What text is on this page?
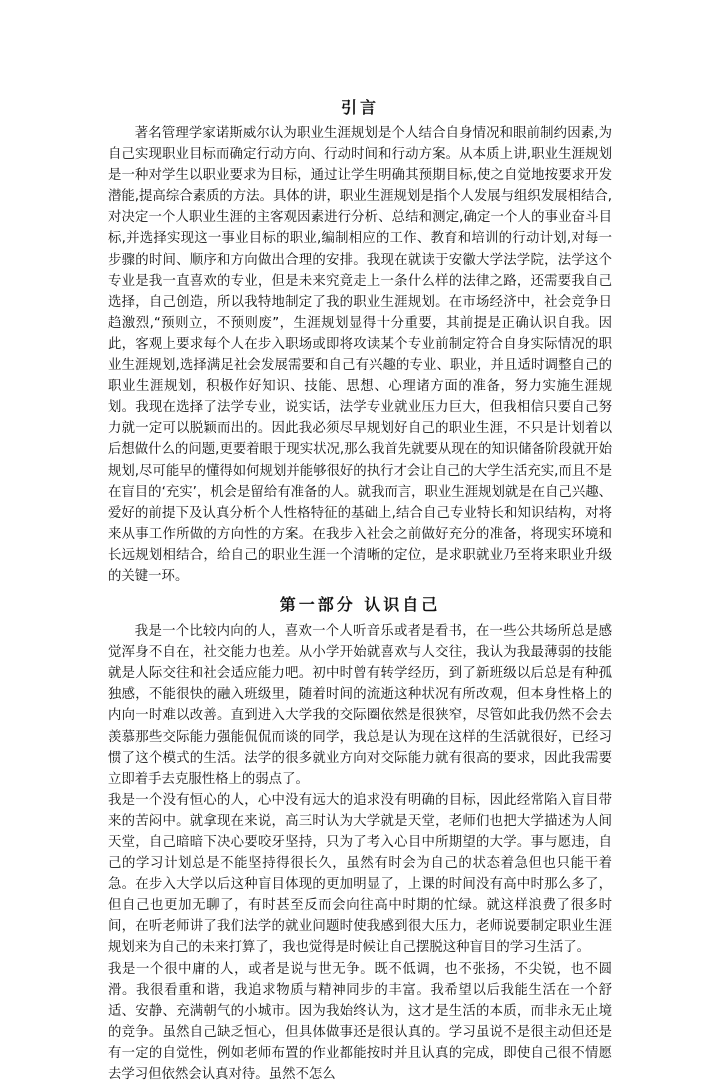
引言

著名管理学家诺斯威尔认为职业生涯规划是个人结合自身情况和眼前制约因素,为自己实现职业目标而确定行动方向、行动时间和行动方案。从本质上讲,职业生涯规划是一种对学生以职业要求为目标，通过让学生明确其预期目标,使之自觉地按要求开发潜能,提高综合素质的方法。具体的讲，职业生涯规划是指个人发展与组织发展相结合,对决定一个人职业生涯的主客观因素进行分析、总结和测定,确定一个人的事业奋斗目标,并选择实现这一事业目标的职业,编制相应的工作、教育和培训的行动计划,对每一步骤的时间、顺序和方向做出合理的安排。我现在就读于安徽大学法学院，法学这个专业是我一直喜欢的专业，但是未来究竟走上一条什么样的法律之路，还需要我自己选择，自己创造，所以我特地制定了我的职业生涯规划。在市场经济中，社会竞争日趋激烈,“预则立，不预则废”，生涯规划显得十分重要，其前提是正确认识自我。因此，客观上要求每个人在步入职场或即将攻读某个专业前制定符合自身实际情况的职业生涯规划,选择满足社会发展需要和自己有兴趣的专业、职业，并且适时调整自己的职业生涯规划，积极作好知识、技能、思想、心理诸方面的准备，努力实施生涯规划。我现在选择了法学专业，说实话，法学专业就业压力巨大，但我相信只要自己努力就一定可以脱颖而出的。因此我必须尽早规划好自己的职业生涯，不只是计划着以后想做什么的问题,更要着眼于现实状况,那么我首先就要从现在的知识储备阶段就开始规划,尽可能早的懂得如何规划并能够很好的执行才会让自己的大学生活充实,而且不是在盲目的‘充实’，机会是留给有准备的人。就我而言，职业生涯规划就是在自己兴趣、爱好的前提下及认真分析个人性格特征的基础上,结合自己专业特长和知识结构，对将来从事工作所做的方向性的方案。在我步入社会之前做好充分的准备，将现实环境和长远规划相结合，给自己的职业生涯一个清晰的定位，是求职就业乃至将来职业升级的关键一环。

第一部分 认识自己

我是一个比较内向的人，喜欢一个人听音乐或者是看书，在一些公共场所总是感觉浑身不自在，社交能力也差。从小学开始就喜欢与人交往，我认为我最薄弱的技能就是人际交往和社会适应能力吧。初中时曾有转学经历，到了新班级以后总是有种孤独感，不能很快的融入班级里，随着时间的流逝这种状况有所改观，但本身性格上的内向一时难以改善。直到进入大学我的交际圈依然是很狭窄，尽管如此我仍然不会去羡慕那些交际能力强能侃侃而谈的同学，我总是认为现在这样的生活就很好，已经习惯了这个模式的生活。法学的很多就业方向对交际能力就有很高的要求，因此我需要立即着手去克服性格上的弱点了。

我是一个没有恒心的人，心中没有远大的追求没有明确的目标，因此经常陷入盲目带来的苦闷中。就拿现在来说，高三时认为大学就是天堂，老师们也把大学描述为人间天堂，自己暗暗下决心要咬牙坚持，只为了考入心目中所期望的大学。事与愿违，自己的学习计划总是不能坚持得很长久，虽然有时会为自己的状态着急但也只能干着急。在步入大学以后这种盲目体现的更加明显了，上课的时间没有高中时那么多了，但自己也更加无聊了，有时甚至反而会向往高中时期的忙绿。就这样浪费了很多时间，在听老师讲了我们法学的就业问题时使我感到很大压力，老师说要制定职业生涯规划来为自己的未来打算了，我也觉得是时候让自己摆脱这种盲目的学习生活了。

我是一个很中庸的人，或者是说与世无争。既不低调，也不张扬，不尖锐，也不圆滑。我很看重和谐，我追求物质与精神同步的丰富。我希望以后我能生活在一个舒适、安静、充满朝气的小城市。因为我始终认为，这才是生活的本质，而非永无止境的竞争。虽然自己缺乏恒心，但具体做事还是很认真的。学习虽说不是很主动但还是有一定的自觉性，例如老师布置的作业都能按时并且认真的完成，即使自己很不情愿去学习但依然会认真对待。虽然不怎么
